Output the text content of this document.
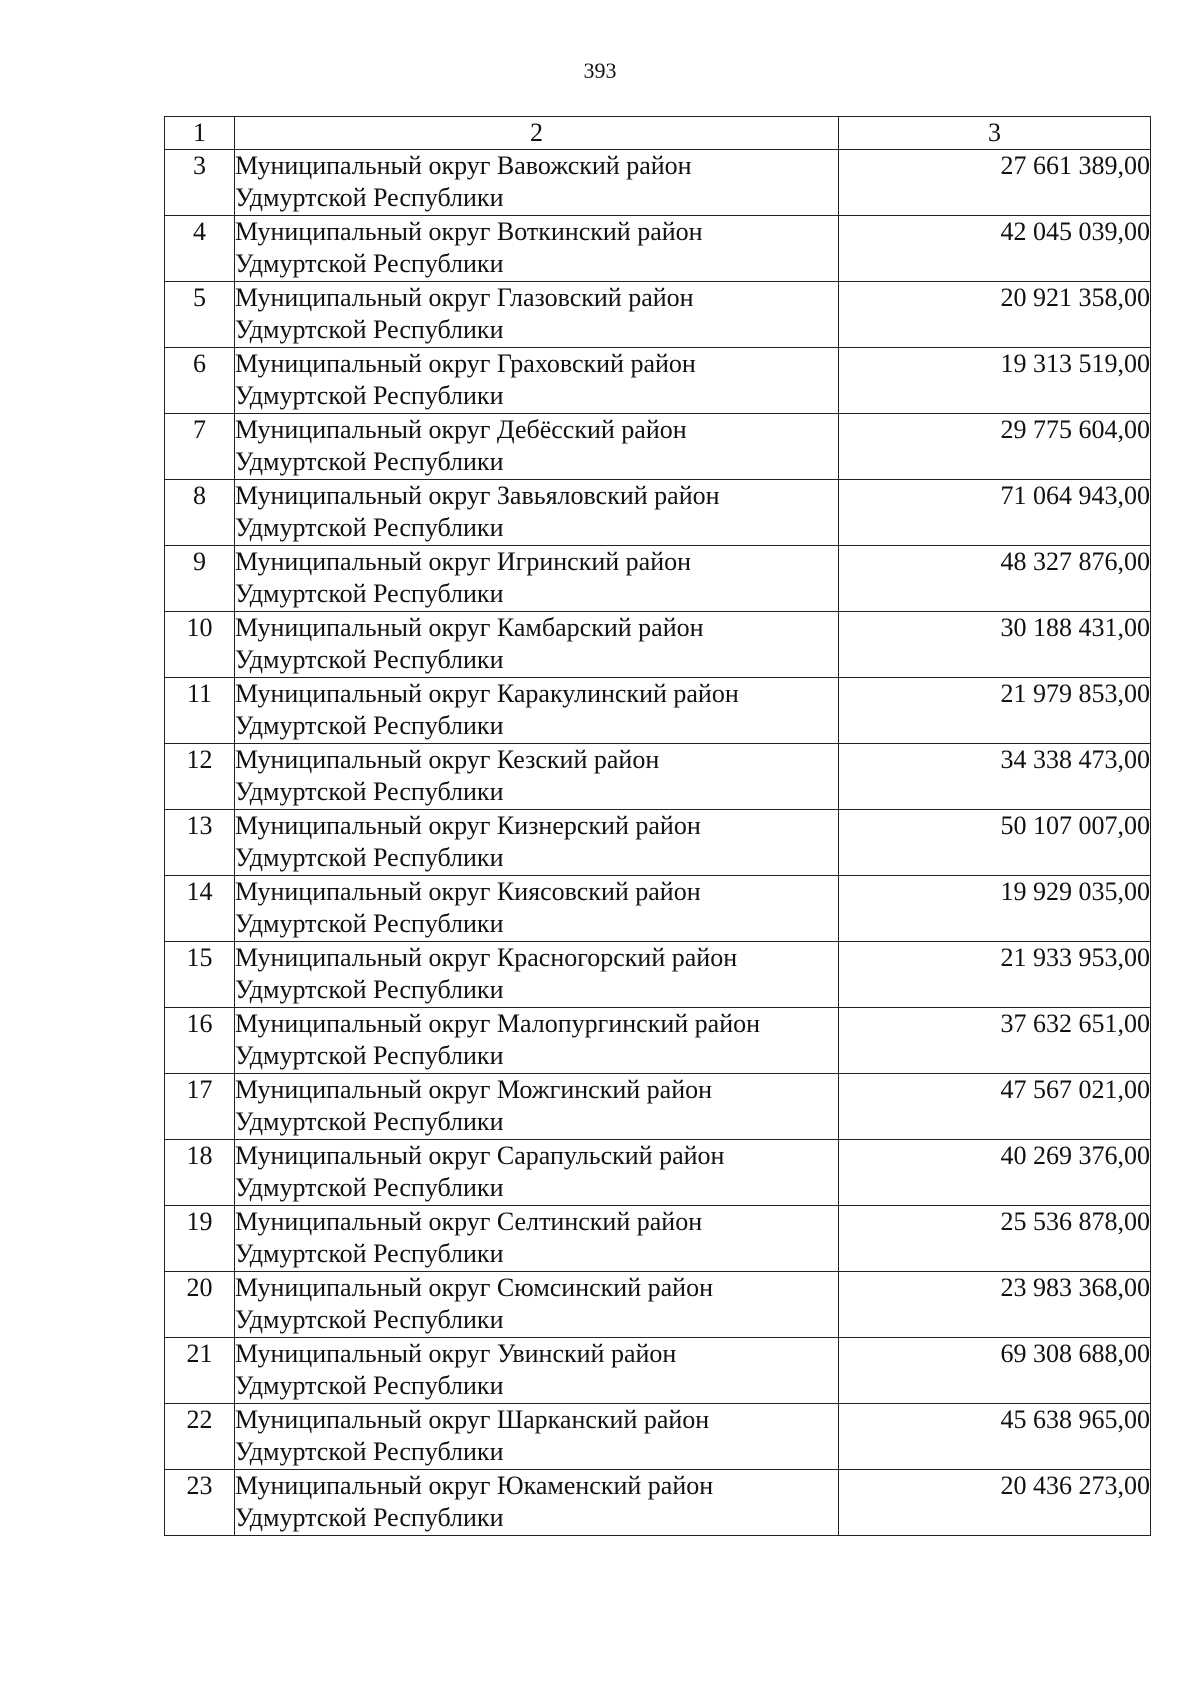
393
1	2	3
3	Муниципальный округ Вавожский район
Удмуртской Республики	27 661 389,00
4	Муниципальный округ Воткинский район
Удмуртской Республики	42 045 039,00
5	Муниципальный округ Глазовский район
Удмуртской Республики	20 921 358,00
6	Муниципальный округ Граховский район
Удмуртской Республики	19 313 519,00
7	Муниципальный округ Дебёсский район
Удмуртской Республики	29 775 604,00
8	Муниципальный округ Завьяловский район
Удмуртской Республики	71 064 943,00
9	Муниципальный округ Игринский район
Удмуртской Республики	48 327 876,00
10	Муниципальный округ Камбарский район
Удмуртской Республики	30 188 431,00
11	Муниципальный округ Каракулинский район
Удмуртской Республики	21 979 853,00
12	Муниципальный округ Кезский район
Удмуртской Республики	34 338 473,00
13	Муниципальный округ Кизнерский район
Удмуртской Республики	50 107 007,00
14	Муниципальный округ Киясовский район
Удмуртской Республики	19 929 035,00
15	Муниципальный округ Красногорский район
Удмуртской Республики	21 933 953,00
16	Муниципальный округ Малопургинский район
Удмуртской Республики	37 632 651,00
17	Муниципальный округ Можгинский район
Удмуртской Республики	47 567 021,00
18	Муниципальный округ Сарапульский район
Удмуртской Республики	40 269 376,00
19	Муниципальный округ Селтинский район
Удмуртской Республики	25 536 878,00
20	Муниципальный округ Сюмсинский район
Удмуртской Республики	23 983 368,00
21	Муниципальный округ Увинский район
Удмуртской Республики	69 308 688,00
22	Муниципальный округ Шарканский район
Удмуртской Республики	45 638 965,00
23	Муниципальный округ Юкаменский район
Удмуртской Республики	20 436 273,00
